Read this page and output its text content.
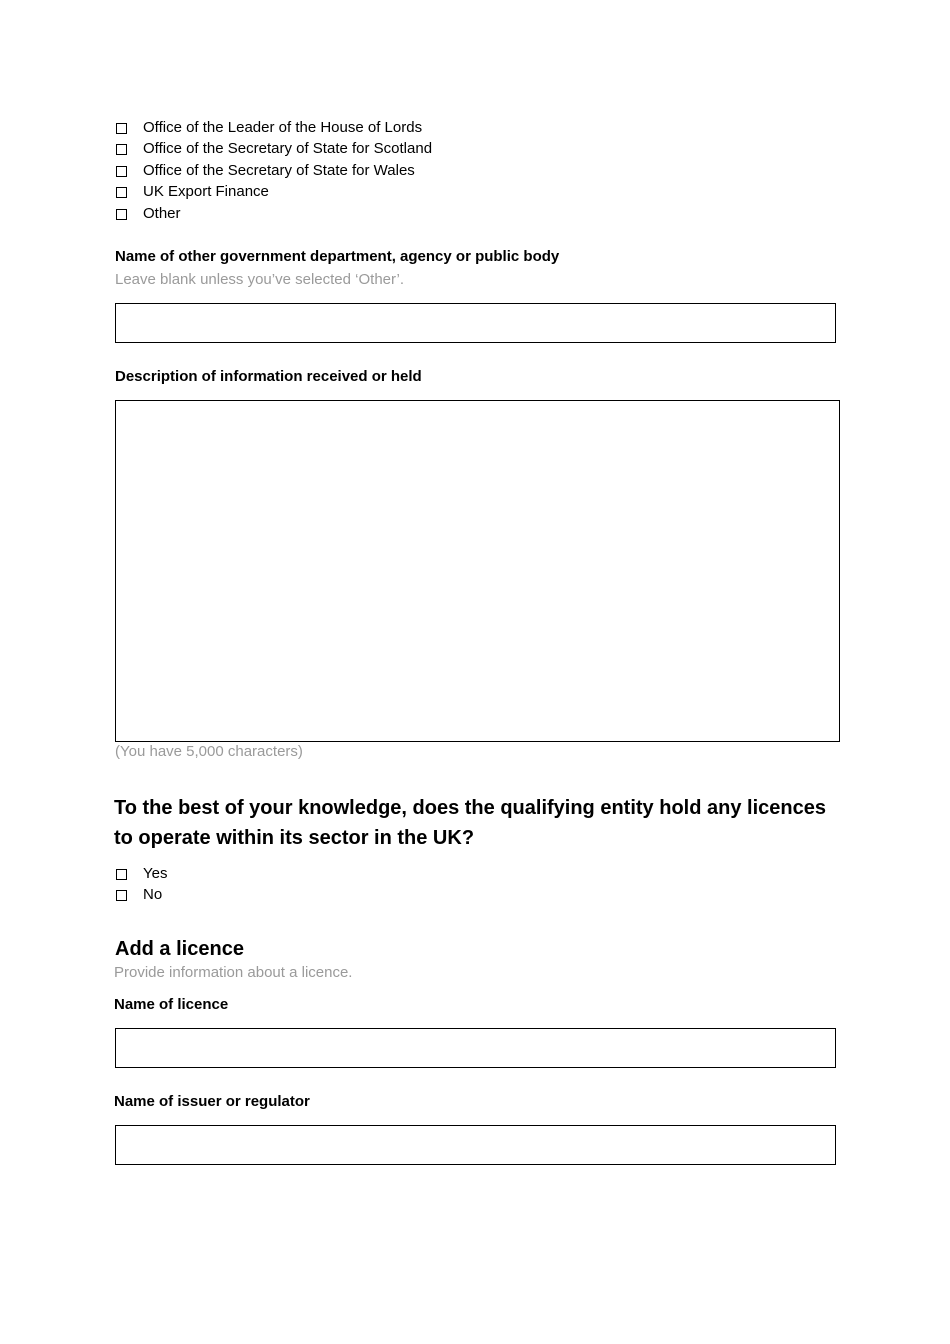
Office of the Leader of the House of Lords
Office of the Secretary of State for Scotland
Office of the Secretary of State for Wales
UK Export Finance
Other
Name of other government department, agency or public body
Leave blank unless you’ve selected ‘Other’.
Description of information received or held
(You have 5,000 characters)
To the best of your knowledge, does the qualifying entity hold any licences to operate within its sector in the UK?
Yes
No
Add a licence
Provide information about a licence.
Name of licence
Name of issuer or regulator
